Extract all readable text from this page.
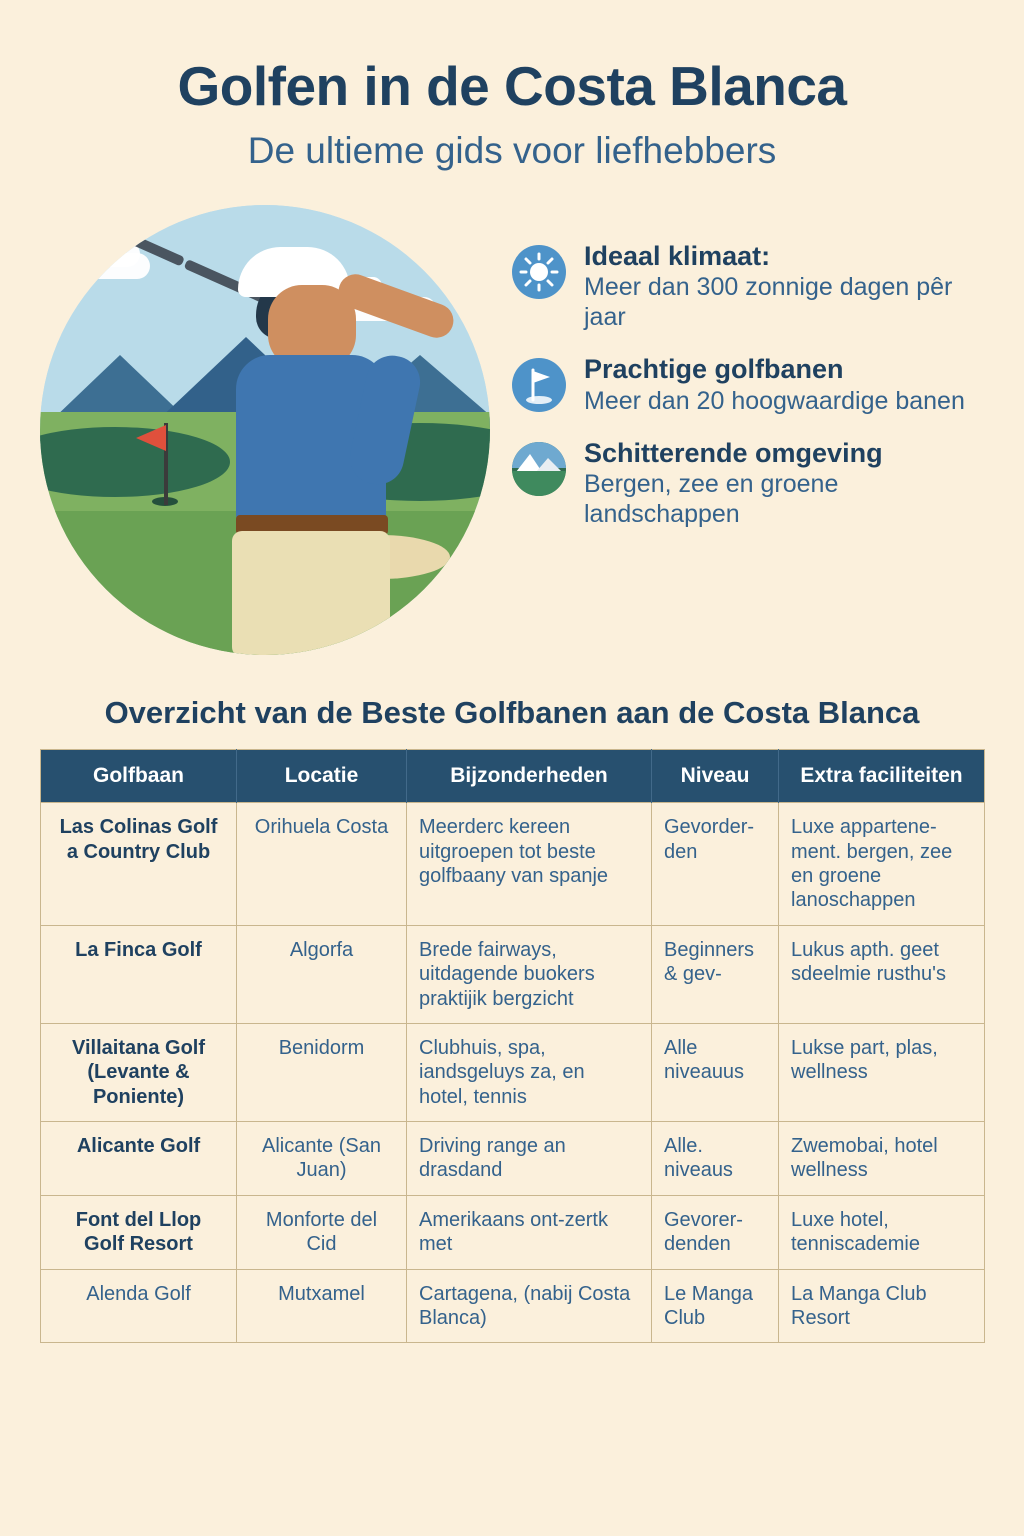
Golfen in de Costa Blanca
De ultieme gids voor liefhebbers
Ideaal klimaat:
Meer dan 300 zonnige dagen pêr jaar
Prachtige golfbanen
Meer dan 20 hoogwaardige banen
Schitterende omgeving
Bergen, zee en groene landschappen
Overzicht van de Beste Golfbanen aan de Costa Blanca
Golfbaan	Locatie	Bijzonderheden	Niveau	Extra faciliteiten
Las Colinas Golf a Country Club	Orihuela Costa	Meerderc kereen uitgroepen tot beste golfbaany van spanje	Gevorder-den	Luxe appartene-ment. bergen, zee en groene lanoschappen
La Finca Golf	Algorfa	Brede fairways, uitdagende buokers praktijik bergzicht	Beginners & gev-	Lukus apth. geet sdeelmie rusthu's
Villaitana Golf (Levante & Poniente)	Benidorm	Clubhuis, spa, iandsgeluys za, en hotel, tennis	Alle niveauus	Lukse part, plas, wellness
Alicante Golf	Alicante (San Juan)	Driving range an drasdand	Alle. niveaus	Zwemobai, hotel wellness
Font del Llop Golf Resort	Monforte del Cid	Amerikaans ont-zertk met	Gevorer-denden	Luxe hotel, tenniscademie
Alenda Golf	Mutxamel	Cartagena, (nabij Costa Blanca)	Le Manga Club	La Manga Club Resort
